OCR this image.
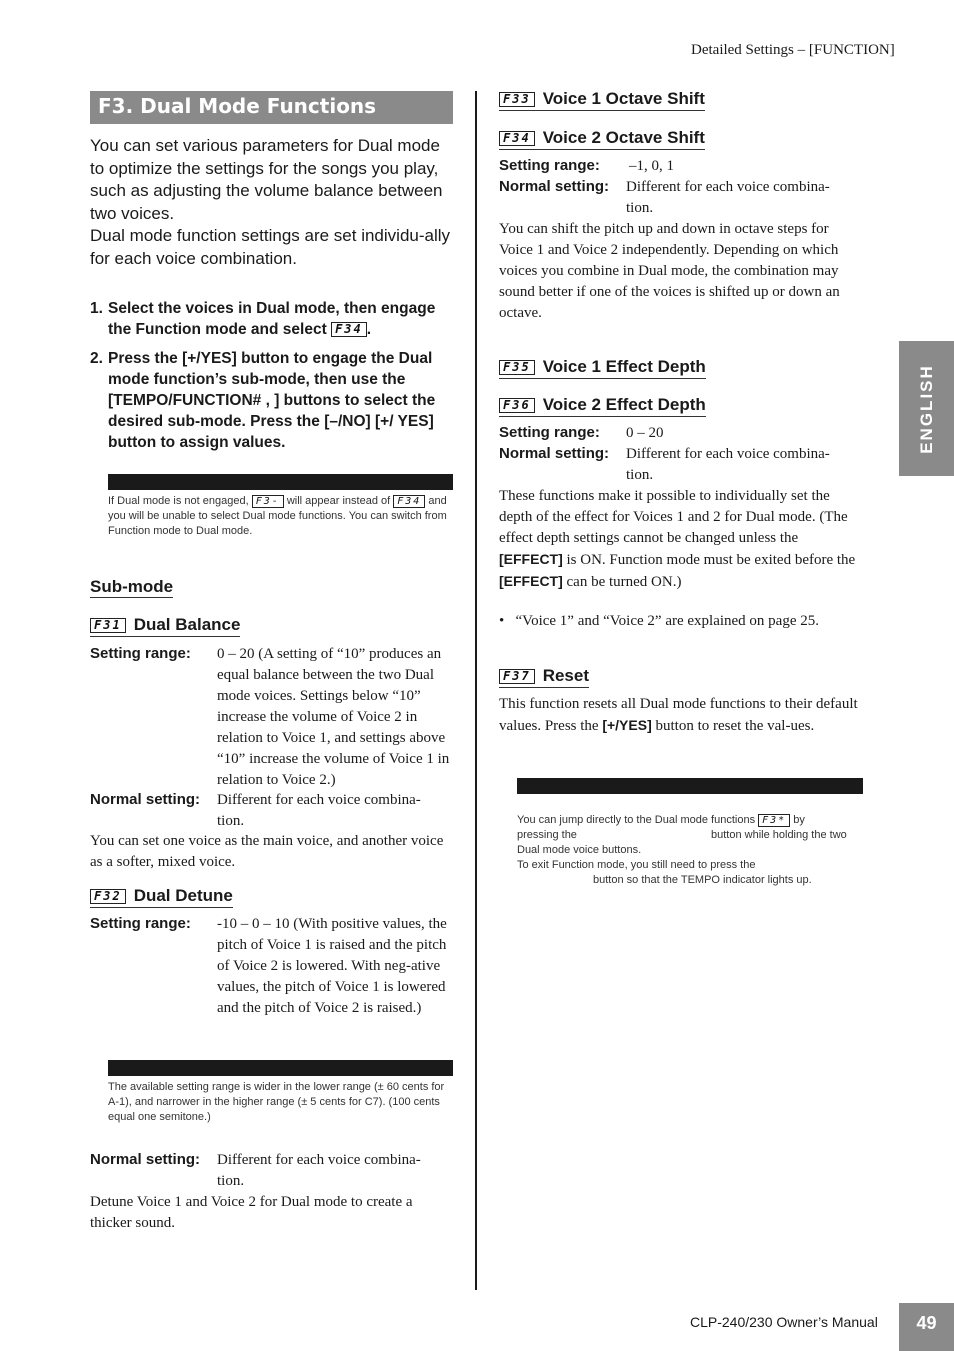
Detailed Settings – [FUNCTION]
F3. Dual Mode Functions
You can set various parameters for Dual mode to optimize the settings for the songs you play, such as adjusting the volume balance between two voices.
Dual mode function settings are set individu-ally for each voice combination.
1. Select the voices in Dual mode, then engage the Function mode and select F34 .
2. Press the [+/YES] button to engage the Dual mode function’s sub-mode, then use the [TEMPO/FUNCTION# , ] buttons to select the desired sub-mode. Press the [–/NO] [+/ YES] button to assign values.
If Dual mode is not engaged, F3- will appear instead of F34 and you will be unable to select Dual mode functions. You can switch from Function mode to Dual mode.
Sub-mode
F31 Dual Balance
Setting range: 0 – 20 (A setting of “10” produces an equal balance between the two Dual mode voices. Settings below “10” increase the volume of Voice 2 in relation to Voice 1, and settings above “10” increase the volume of Voice 1 in relation to Voice 2.)
Normal setting: Different for each voice combina-tion.
You can set one voice as the main voice, and another voice as a softer, mixed voice.
F32 Dual Detune
Setting range: -10 – 0 – 10 (With positive values, the pitch of Voice 1 is raised and the pitch of Voice 2 is lowered. With neg-ative values, the pitch of Voice 1 is lowered and the pitch of Voice 2 is raised.)
The available setting range is wider in the lower range (± 60 cents for A-1), and narrower in the higher range (± 5 cents for C7). (100 cents equal one semitone.)
Normal setting: Different for each voice combina-tion.
Detune Voice 1 and Voice 2 for Dual mode to create a thicker sound.
F33 Voice 1 Octave Shift
F34 Voice 2 Octave Shift
Setting range: –1, 0, 1
Normal setting: Different for each voice combina-tion.
You can shift the pitch up and down in octave steps for Voice 1 and Voice 2 independently. Depending on which voices you combine in Dual mode, the combination may sound better if one of the voices is shifted up or down an octave.
F35 Voice 1 Effect Depth
F36 Voice 2 Effect Depth
Setting range: 0 – 20
Normal setting: Different for each voice combina-tion.
These functions make it possible to individually set the depth of the effect for Voices 1 and 2 for Dual mode. (The effect depth settings cannot be changed unless the [EFFECT] is ON. Function mode must be exited before the [EFFECT] can be turned ON.)
• “Voice 1” and “Voice 2” are explained on page 25.
F37 Reset
This function resets all Dual mode functions to their default values. Press the [+/YES] button to reset the val-ues.
You can jump directly to the Dual mode functions F3* by
pressing the	button while holding the two
Dual mode voice buttons.
To exit Function mode, you still need to press the
button so that the TEMPO indicator lights up.
ENGLISH
CLP-240/230 Owner’s Manual	49
